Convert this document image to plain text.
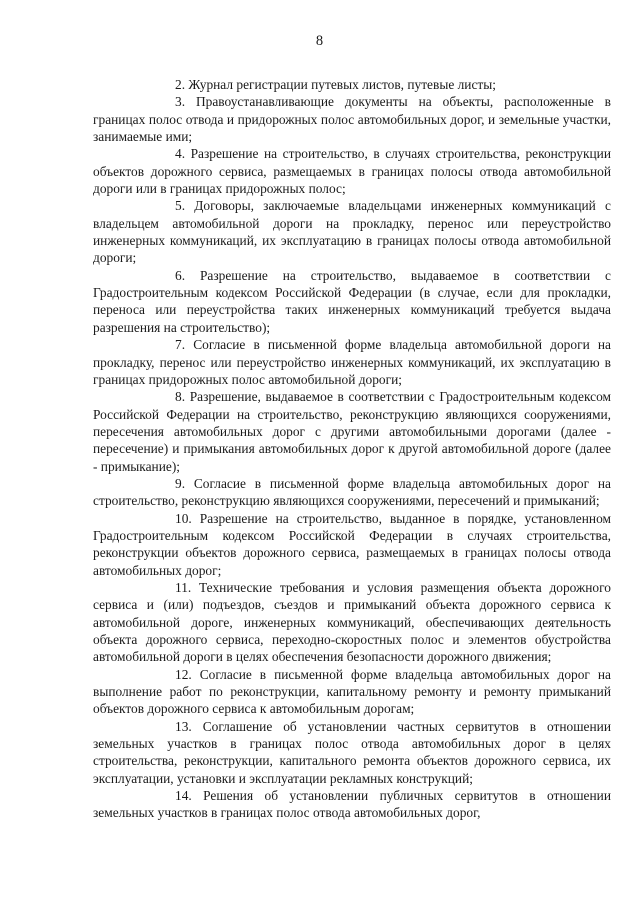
8

2. Журнал регистрации путевых листов, путевые листы;

3. Правоустанавливающие документы на объекты, расположенные в границах полос отвода и придорожных полос автомобильных дорог, и земельные участки, занимаемые ими;

4. Разрешение на строительство, в случаях строительства, реконструкции объектов дорожного сервиса, размещаемых в границах полосы отвода автомобильной дороги или в границах придорожных полос;

5. Договоры, заключаемые владельцами инженерных коммуникаций с владельцем автомобильной дороги на прокладку, перенос или переустройство инженерных коммуникаций, их эксплуатацию в границах полосы отвода автомобильной дороги;

6. Разрешение на строительство, выдаваемое в соответствии с Градостроительным кодексом Российской Федерации (в случае, если для прокладки, переноса или переустройства таких инженерных коммуникаций требуется выдача разрешения на строительство);

7. Согласие в письменной форме владельца автомобильной дороги на прокладку, перенос или переустройство инженерных коммуникаций, их эксплуатацию в границах придорожных полос автомобильной дороги;

8. Разрешение, выдаваемое в соответствии с Градостроительным кодексом Российской Федерации на строительство, реконструкцию являющихся сооружениями, пересечения автомобильных дорог с другими автомобильными дорогами (далее - пересечение) и примыкания автомобильных дорог к другой автомобильной дороге (далее - примыкание);

9. Согласие в письменной форме владельца автомобильных дорог на строительство, реконструкцию являющихся сооружениями, пересечений и примыканий;

10. Разрешение на строительство, выданное в порядке, установленном Градостроительным кодексом Российской Федерации в случаях строительства, реконструкции объектов дорожного сервиса, размещаемых в границах полосы отвода автомобильных дорог;

11. Технические требования и условия размещения объекта дорожного сервиса и (или) подъездов, съездов и примыканий объекта дорожного сервиса к автомобильной дороге, инженерных коммуникаций, обеспечивающих деятельность объекта дорожного сервиса, переходно-скоростных полос и элементов обустройства автомобильной дороги в целях обеспечения безопасности дорожного движения;

12. Согласие в письменной форме владельца автомобильных дорог на выполнение работ по реконструкции, капитальному ремонту и ремонту примыканий объектов дорожного сервиса к автомобильным дорогам;

13. Соглашение об установлении частных сервитутов в отношении земельных участков в границах полос отвода автомобильных дорог в целях строительства, реконструкции, капитального ремонта объектов дорожного сервиса, их эксплуатации, установки и эксплуатации рекламных конструкций;

14. Решения об установлении публичных сервитутов в отношении земельных участков в границах полос отвода автомобильных дорог,
